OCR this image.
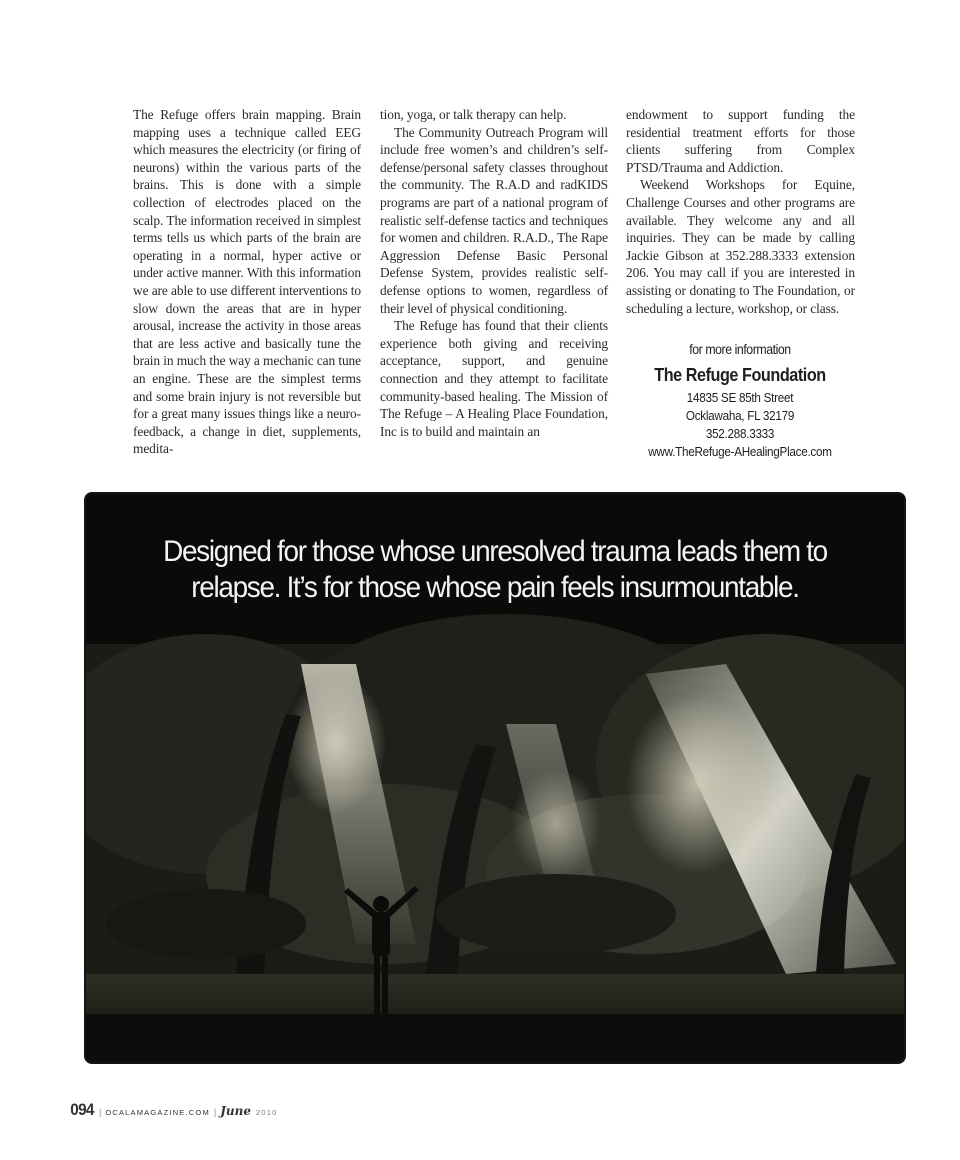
The Refuge offers brain mapping. Brain mapping uses a technique called EEG which measures the electricity (or firing of neurons) within the various parts of the brains. This is done with a simple collection of electrodes placed on the scalp. The information received in simplest terms tells us which parts of the brain are operating in a normal, hyper active or under active manner. With this information we are able to use different interventions to slow down the areas that are in hyper arousal, increase the activity in those areas that are less active and basically tune the brain in much the way a mechanic can tune an engine. These are the simplest terms and some brain injury is not reversible but for a great many issues things like a neuro-feedback, a change in diet, supplements, medita-

tion, yoga, or talk therapy can help.

The Community Outreach Program will include free women’s and children’s self-defense/personal safety classes throughout the community. The R.A.D and radKIDS programs are part of a national program of realistic self-defense tactics and techniques for women and children. R.A.D., The Rape Aggression Defense Basic Personal Defense System, provides realistic self-defense options to women, regardless of their level of physical conditioning.

The Refuge has found that their clients experience both giving and receiving acceptance, support, and genuine connection and they attempt to facilitate community-based healing. The Mission of The Refuge – A Healing Place Foundation, Inc is to build and maintain an

endowment to support funding the residential treatment efforts for those clients suffering from Complex PTSD/Trauma and Addiction.

Weekend Workshops for Equine, Challenge Courses and other programs are available. They welcome any and all inquiries. They can be made by calling Jackie Gibson at 352.288.3333 extension 206. You may call if you are interested in assisting or donating to The Foundation, or scheduling a lecture, workshop, or class.

for more information
The Refuge Foundation
14835 SE 85th Street
Ocklawaha, FL 32179
352.288.3333
www.TheRefuge-AHealingPlace.com
Designed for those whose unresolved trauma leads them to
relapse. It’s for those whose pain feels insurmountable.
094 | OCALAMAGAZINE.COM | June 2010
